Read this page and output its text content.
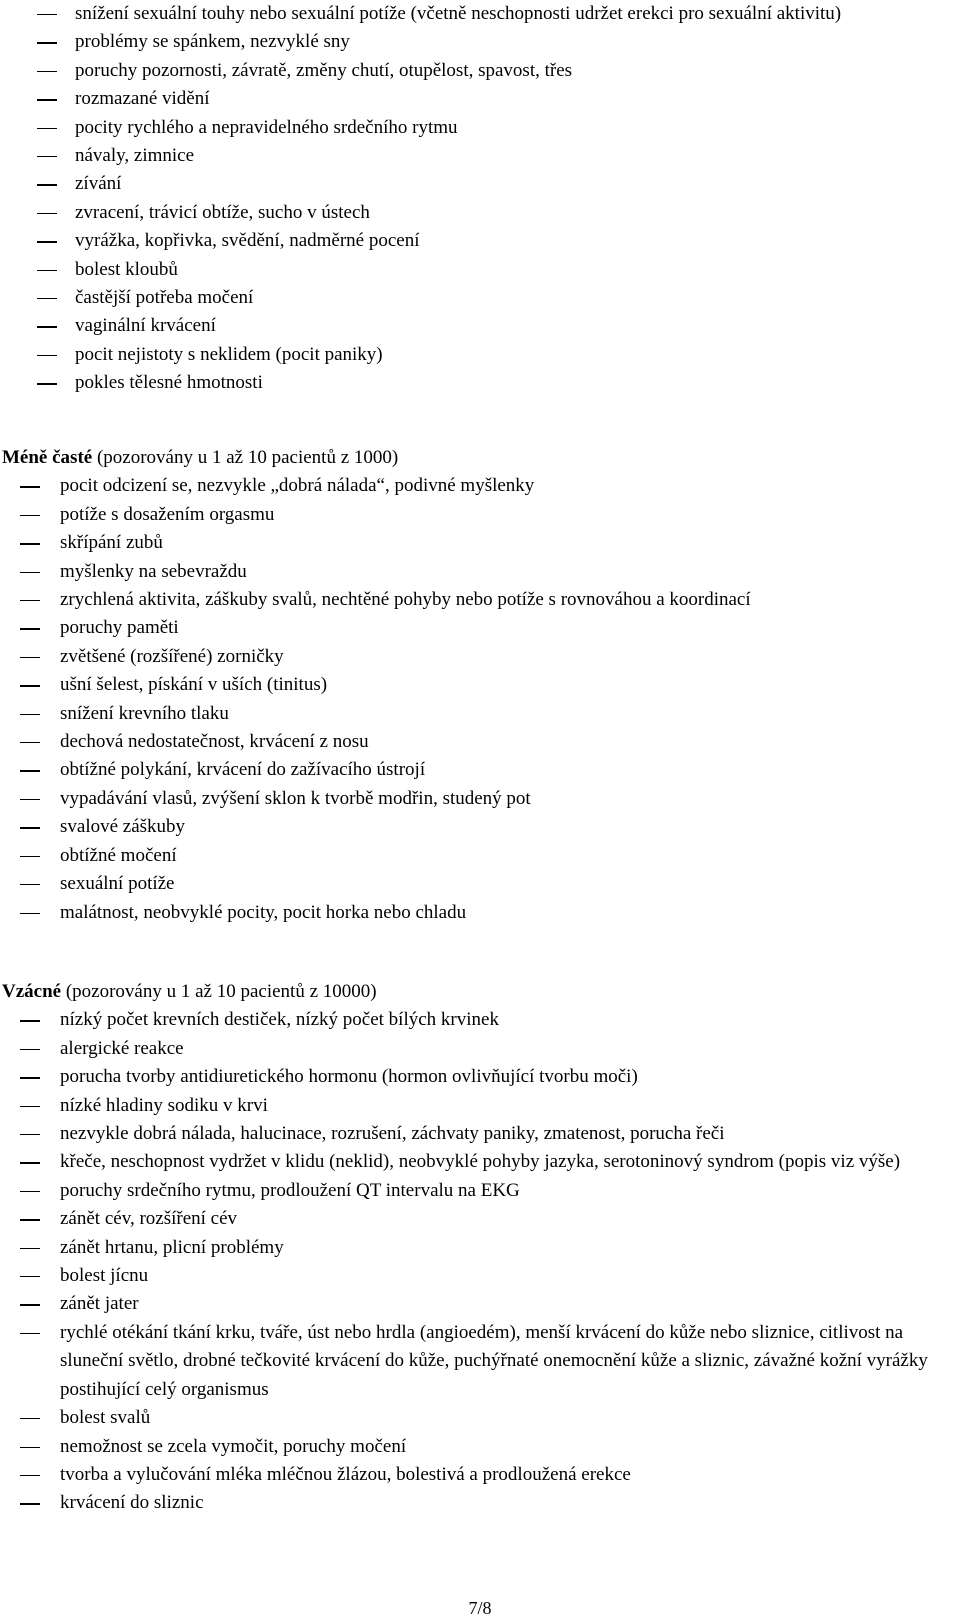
snížení sexuální touhy nebo sexuální potíže (včetně neschopnosti udržet erekci pro sexuální aktivitu)
problémy se spánkem, nezvyklé sny
poruchy pozornosti, závratě, změny chutí, otupělost, spavost, třes
rozmazané vidění
pocity rychlého a nepravidelného srdečního rytmu
návaly, zimnice
zívání
zvracení, trávicí obtíže, sucho v ústech
vyrážka, kopřivka, svědění, nadměrné pocení
bolest kloubů
častější potřeba močení
vaginální krvácení
pocit nejistoty s neklidem (pocit paniky)
pokles tělesné hmotnosti
Méně časté (pozorovány u 1 až 10 pacientů z 1000)
pocit odcizení se, nezvykle „dobrá nálada“, podivné myšlenky
potíže s dosažením orgasmu
skřípání zubů
myšlenky na sebevraždu
zrychlená aktivita, záškuby svalů, nechtěné pohyby nebo potíže s rovnováhou a koordinací
poruchy paměti
zvětšené (rozšířené) zorničky
ušní šelest, pískání v uších (tinitus)
snížení krevního tlaku
dechová nedostatečnost, krvácení z nosu
obtížné polykání, krvácení do zažívacího ústrojí
vypadávání vlasů, zvýšení sklon k tvorbě modřin, studený pot
svalové záškuby
obtížné močení
sexuální potíže
malátnost, neobvyklé pocity, pocit horka nebo chladu
Vzácné (pozorovány u 1 až 10 pacientů z 10000)
nízký počet krevních destiček, nízký počet bílých krvinek
alergické reakce
porucha tvorby antidiuretického hormonu (hormon ovlivňující tvorbu moči)
nízké hladiny sodiku v krvi
nezvykle dobrá nálada, halucinace, rozrušení, záchvaty paniky, zmatenost, porucha řeči
křeče, neschopnost vydržet v klidu (neklid), neobvyklé pohyby jazyka, serotoninový syndrom (popis viz výše)
poruchy srdečního rytmu, prodloužení QT intervalu na EKG
zánět cév, rozšíření cév
zánět hrtanu, plicní problémy
bolest jícnu
zánět jater
rychlé otékání tkání krku, tváře, úst nebo hrdla (angioedém), menší krvácení do kůže nebo sliznice, citlivost na sluneční světlo, drobné tečkovité krvácení do kůže, puchýřnaté onemocnění kůže a sliznic, závažné kožní vyrážky postihující celý organismus
bolest svalů
nemožnost se zcela vymočit, poruchy močení
tvorba a vylučování mléka mléčnou žlázou, bolestivá a prodloužená erekce
krvácení do sliznic
7/8
